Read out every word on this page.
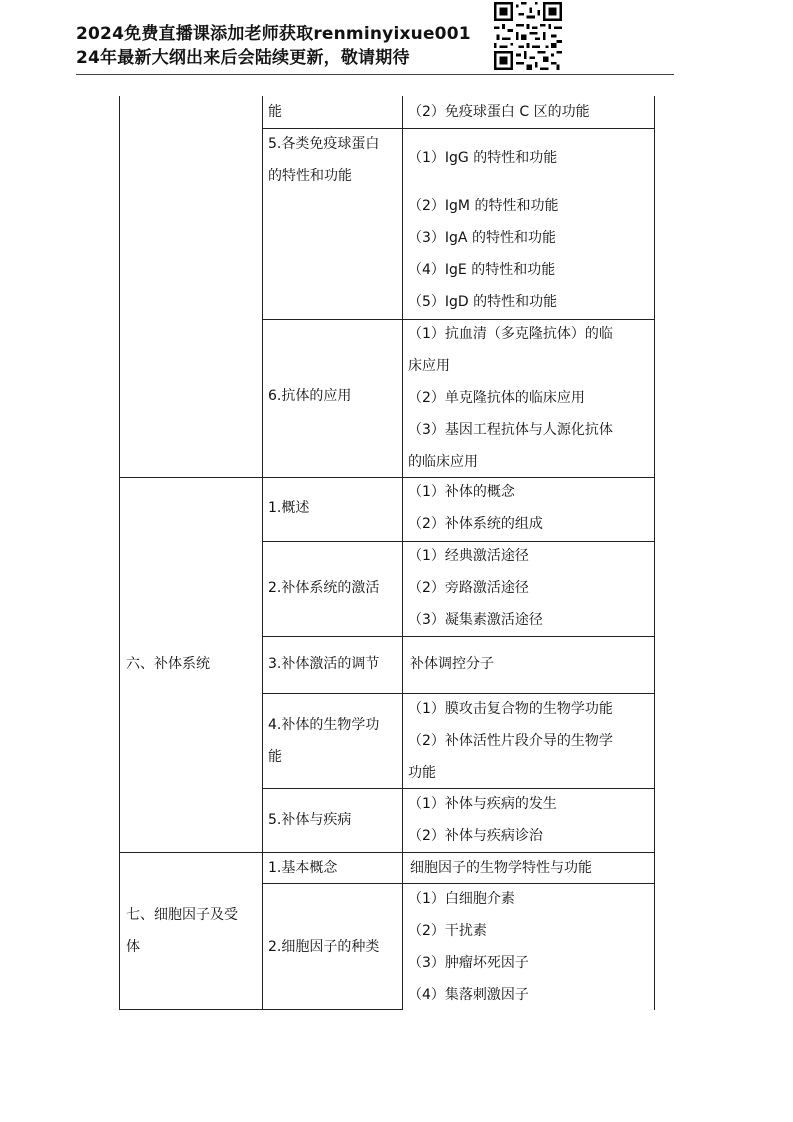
2024免费直播课添加老师获取renminyixue001
24年最新大纲出来后会陆续更新，敬请期待
能	（2）免疫球蛋白 C 区的功能
5.各类免疫球蛋白
的特性和功能
（1）IgG 的特性和功能
（2）IgM 的特性和功能
（3）IgA 的特性和功能
（4）IgE 的特性和功能
（5）IgD 的特性和功能
6.抗体的应用
（1）抗血清（多克隆抗体）的临
床应用
（2）单克隆抗体的临床应用
（3）基因工程抗体与人源化抗体
的临床应用
六、补体系统
1.概述
（1）补体的概念
（2）补体系统的组成
2.补体系统的激活
（1）经典激活途径
（2）旁路激活途径
（3）凝集素激活途径
3.补体激活的调节 补体调控分子
4.补体的生物学功
能
（1）膜攻击复合物的生物学功能
（2）补体活性片段介导的生物学
功能
5.补体与疾病
（1）补体与疾病的发生
（2）补体与疾病诊治
七、细胞因子及受
体
1.基本概念	细胞因子的生物学特性与功能
2.细胞因子的种类
（1）白细胞介素
（2）干扰素
（3）肿瘤坏死因子
（4）集落刺激因子
